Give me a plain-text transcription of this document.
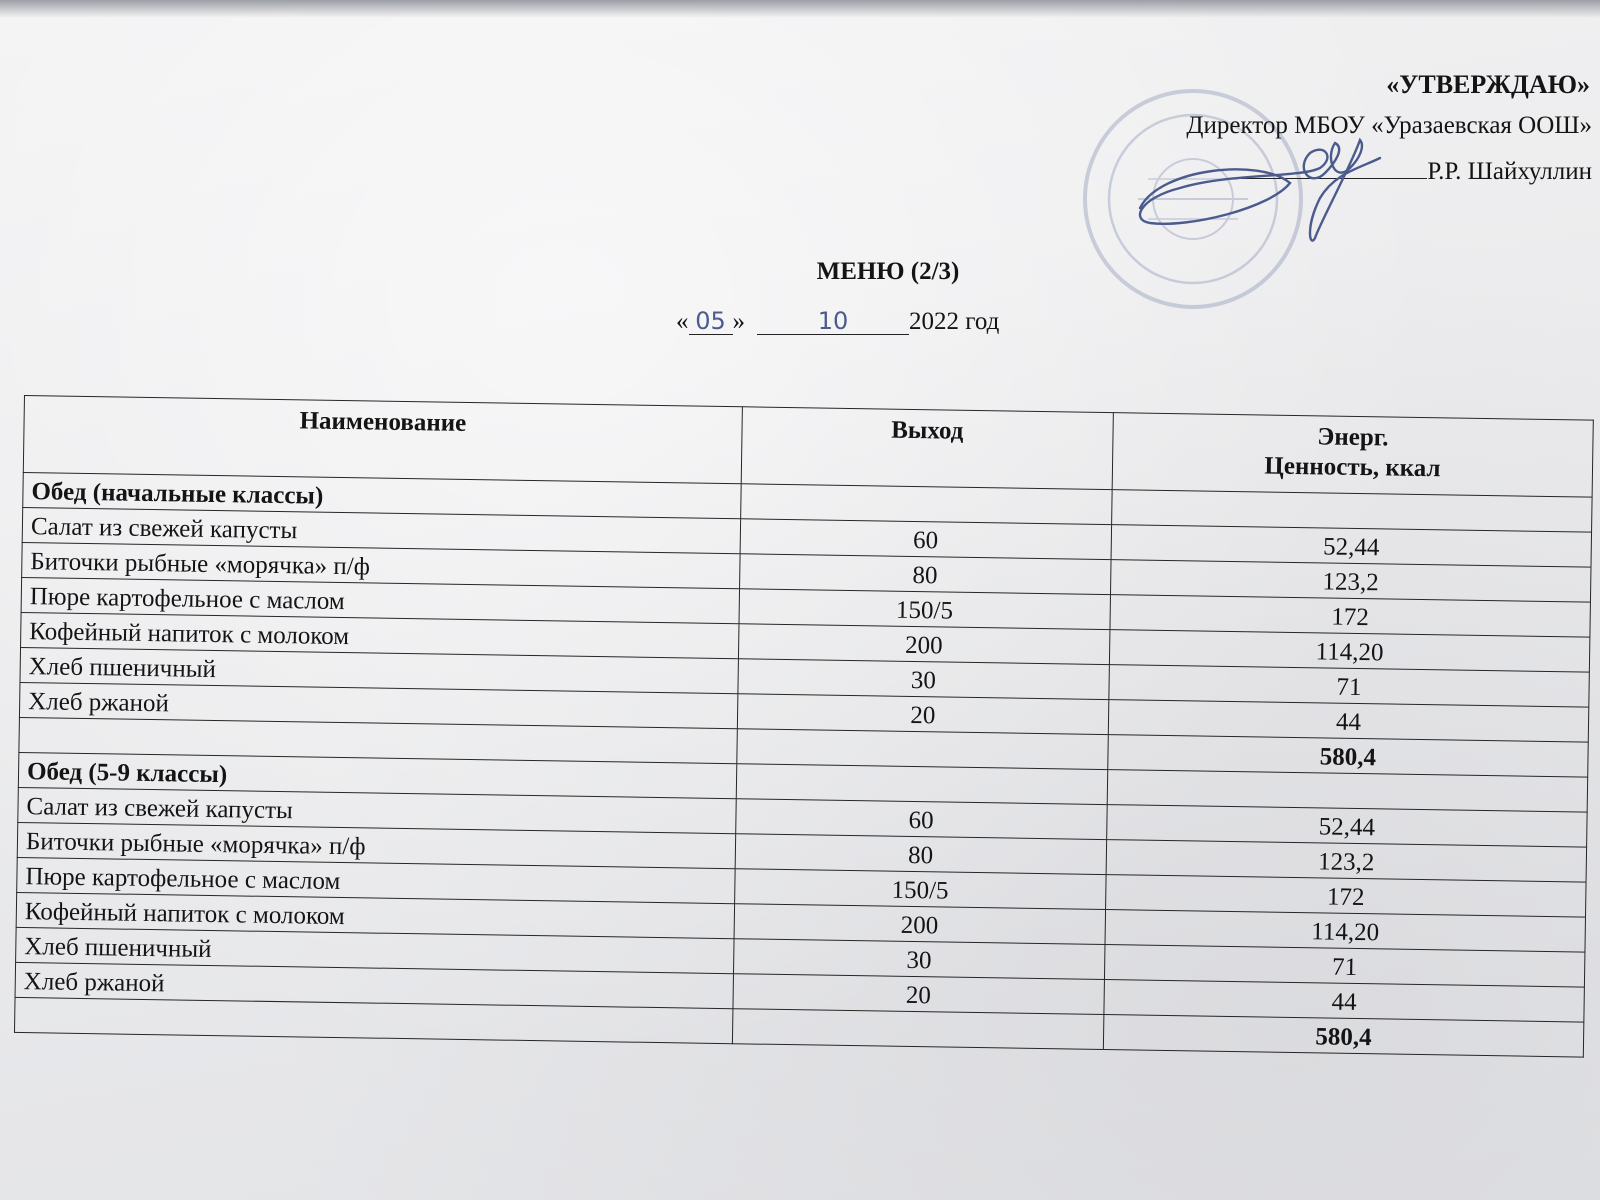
«УТВЕРЖДАЮ»
Директор МБОУ «Уразаевская ООШ»
Р.Р. Шайхуллин
МЕНЮ (2/3)
« 05 »	10 2022 год
Наименование	Выход	Энерг.
Ценность, ккал

Обед (начальные классы)		
Салат из свежей капусты	60	52,44
Биточки рыбные «морячка» п/ф	80	123,2
Пюре картофельное с маслом	150/5	172
Кофейный напиток с молоком	200	114,20
Хлеб пшеничный	30	71
Хлеб ржаной	20	44
		580,4
Обед (5-9 классы)		
Салат из свежей капусты	60	52,44
Биточки рыбные «морячка» п/ф	80	123,2
Пюре картофельное с маслом	150/5	172
Кофейный напиток с молоком	200	114,20
Хлеб пшеничный	30	71
Хлеб ржаной	20	44
		580,4
